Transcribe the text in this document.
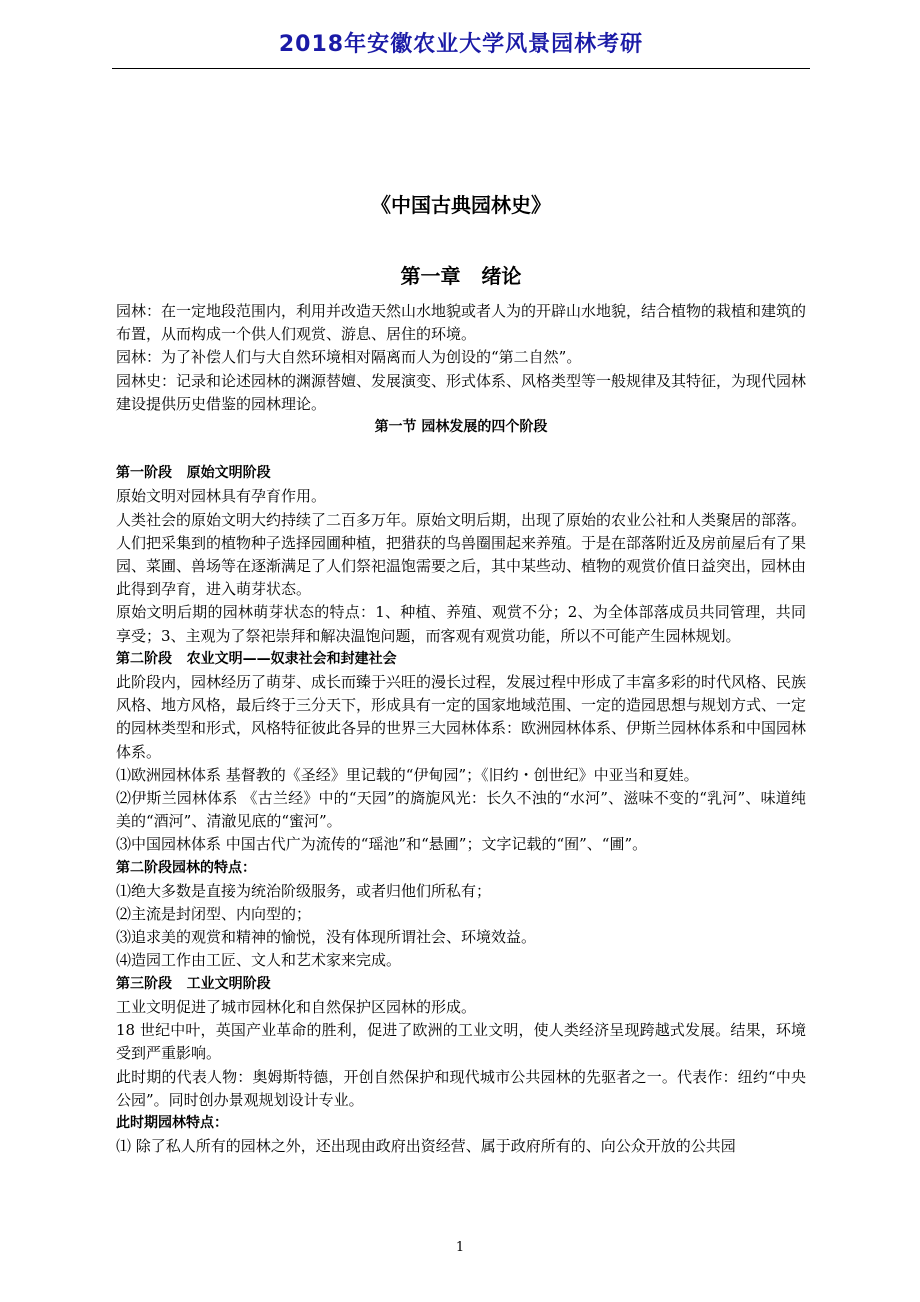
2018年安徽农业大学风景园林考研
《中国古典园林史》
第一章   绪论

园林：在一定地段范围内，利用并改造天然山水地貌或者人为的开辟山水地貌，结合植物的栽植和建筑的布置，从而构成一个供人们观赏、游息、居住的环境。

园林：为了补偿人们与大自然环境相对隔离而人为创设的“第二自然”。

园林史：记录和论述园林的渊源替嬗、发展演变、形式体系、风格类型等一般规律及其特征，为现代园林建设提供历史借鉴的园林理论。

第一节 园林发展的四个阶段

第一阶段   原始文明阶段

原始文明对园林具有孕育作用。

人类社会的原始文明大约持续了二百多万年。原始文明后期，出现了原始的农业公社和人类聚居的部落。人们把采集到的植物种子选择园圃种植，把猎获的鸟兽圈围起来养殖。于是在部落附近及房前屋后有了果园、菜圃、兽场等在逐渐满足了人们祭祀温饱需要之后，其中某些动、植物的观赏价值日益突出，园林由此得到孕育，进入萌芽状态。

原始文明后期的园林萌芽状态的特点：1、种植、养殖、观赏不分；2、为全体部落成员共同管理，共同享受；3、主观为了祭祀崇拜和解决温饱问题，而客观有观赏功能，所以不可能产生园林规划。

第二阶段   农业文明——奴隶社会和封建社会

此阶段内，园林经历了萌芽、成长而臻于兴旺的漫长过程，发展过程中形成了丰富多彩的时代风格、民族风格、地方风格，最后终于三分天下，形成具有一定的国家地域范围、一定的造园思想与规划方式、一定的园林类型和形式，风格特征彼此各异的世界三大园林体系：欧洲园林体系、伊斯兰园林体系和中国园林体系。

⑴欧洲园林体系 基督教的《圣经》里记载的“伊甸园”；《旧约・创世纪》中亚当和夏娃。

⑵伊斯兰园林体系 《古兰经》中的“天园”的旖旎风光：长久不浊的“水河”、滋味不变的“乳河”、味道纯美的“酒河”、清澈见底的“蜜河”。

⑶中国园林体系 中国古代广为流传的“瑶池”和“悬圃”；文字记载的“囿”、“圃”。

第二阶段园林的特点：

⑴绝大多数是直接为统治阶级服务，或者归他们所私有；

⑵主流是封闭型、内向型的；

⑶追求美的观赏和精神的愉悦，没有体现所谓社会、环境效益。

⑷造园工作由工匠、文人和艺术家来完成。

第三阶段   工业文明阶段

工业文明促进了城市园林化和自然保护区园林的形成。

18 世纪中叶，英国产业革命的胜利，促进了欧洲的工业文明，使人类经济呈现跨越式发展。结果，环境受到严重影响。

此时期的代表人物：奥姆斯特德，开创自然保护和现代城市公共园林的先驱者之一。代表作：纽约“中央公园”。同时创办景观规划设计专业。

此时期园林特点：

⑴ 除了私人所有的园林之外，还出现由政府出资经营、属于政府所有的、向公众开放的公共园

1
